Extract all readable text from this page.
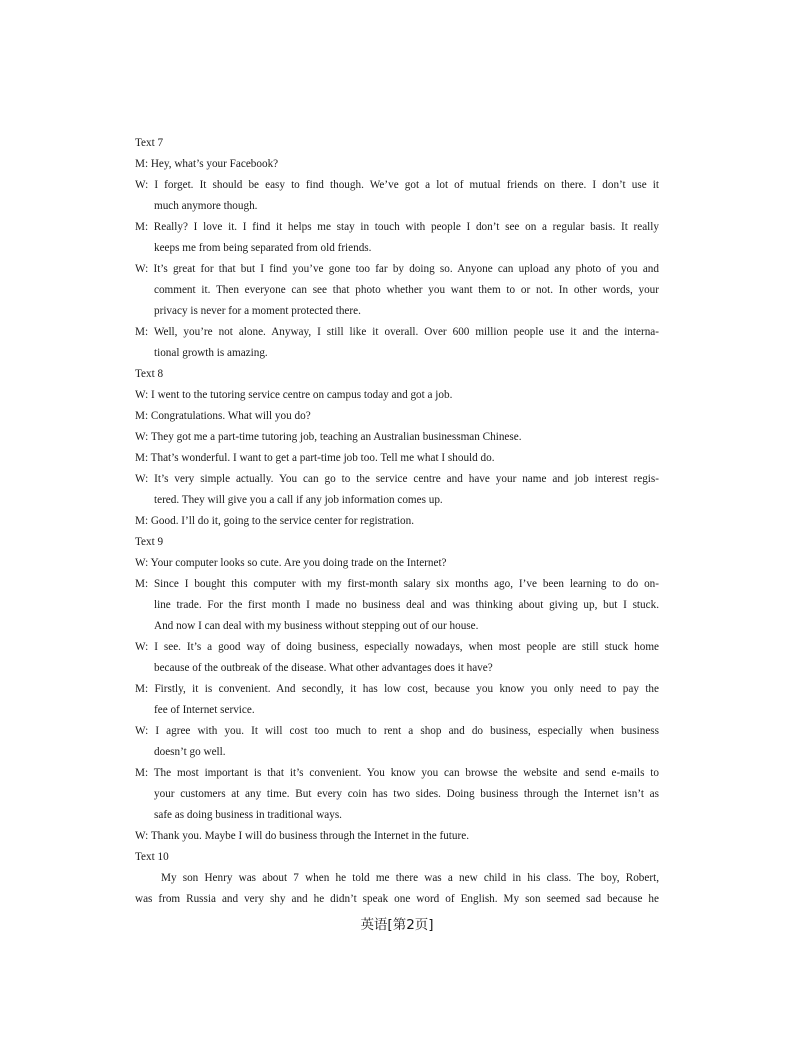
Text 7
M: Hey, what’s your Facebook?
W: I forget. It should be easy to find though. We’ve got a lot of mutual friends on there. I don’t use it
much anymore though.
M: Really? I love it. I find it helps me stay in touch with people I don’t see on a regular basis. It really
keeps me from being separated from old friends.
W: It’s great for that but I find you’ve gone too far by doing so. Anyone can upload any photo of you and
comment it. Then everyone can see that photo whether you want them to or not. In other words, your
privacy is never for a moment protected there.
M: Well, you’re not alone. Anyway, I still like it overall. Over 600 million people use it and the interna-
tional growth is amazing.
Text 8
W: I went to the tutoring service centre on campus today and got a job.
M: Congratulations. What will you do?
W: They got me a part-time tutoring job, teaching an Australian businessman Chinese.
M: That’s wonderful. I want to get a part-time job too. Tell me what I should do.
W: It’s very simple actually. You can go to the service centre and have your name and job interest regis-
tered. They will give you a call if any job information comes up.
M: Good. I’ll do it, going to the service center for registration.
Text 9
W: Your computer looks so cute. Are you doing trade on the Internet?
M: Since I bought this computer with my first-month salary six months ago, I’ve been learning to do on-
line trade. For the first month I made no business deal and was thinking about giving up, but I stuck.
And now I can deal with my business without stepping out of our house.
W: I see. It’s a good way of doing business, especially nowadays, when most people are still stuck home
because of the outbreak of the disease. What other advantages does it have?
M: Firstly, it is convenient. And secondly, it has low cost, because you know you only need to pay the
fee of Internet service.
W: I agree with you. It will cost too much to rent a shop and do business, especially when business
doesn’t go well.
M: The most important is that it’s convenient. You know you can browse the website and send e-mails to
your customers at any time. But every coin has two sides. Doing business through the Internet isn’t as
safe as doing business in traditional ways.
W: Thank you. Maybe I will do business through the Internet in the future.
Text 10
My son Henry was about 7 when he told me there was a new child in his class. The boy, Robert,
was from Russia and very shy and he didn’t speak one word of English. My son seemed sad because he
英语[第2页]
